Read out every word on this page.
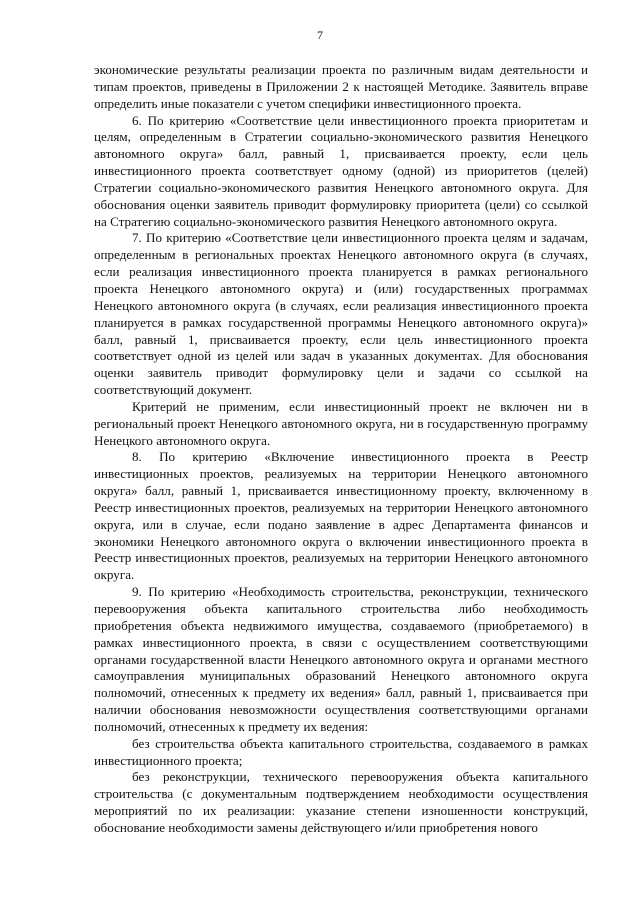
7

экономические результаты реализации проекта по различным видам деятельности и типам проектов, приведены в Приложении 2 к настоящей Методике. Заявитель вправе определить иные показатели с учетом специфики инвестиционного проекта.

6. По критерию «Соответствие цели инвестиционного проекта приоритетам и целям, определенным в Стратегии социально-экономического развития Ненецкого автономного округа» балл, равный 1, присваивается проекту, если цель инвестиционного проекта соответствует одному (одной) из приоритетов (целей) Стратегии социально-экономического развития Ненецкого автономного округа. Для обоснования оценки заявитель приводит формулировку приоритета (цели) со ссылкой на Стратегию социально-экономического развития Ненецкого автономного округа.

7. По критерию «Соответствие цели инвестиционного проекта целям и задачам, определенным в региональных проектах Ненецкого автономного округа (в случаях, если реализация инвестиционного проекта планируется в рамках регионального проекта Ненецкого автономного округа) и (или) государственных программах Ненецкого автономного округа (в случаях, если реализация инвестиционного проекта планируется в рамках государственной программы Ненецкого автономного округа)» балл, равный 1, присваивается проекту, если цель инвестиционного проекта соответствует одной из целей или задач в указанных документах. Для обоснования оценки заявитель приводит формулировку цели и задачи со ссылкой на соответствующий документ.

Критерий не применим, если инвестиционный проект не включен ни в региональный проект Ненецкого автономного округа, ни в государственную программу Ненецкого автономного округа.

8. По критерию «Включение инвестиционного проекта в Реестр инвестиционных проектов, реализуемых на территории Ненецкого автономного округа» балл, равный 1, присваивается инвестиционному проекту, включенному в Реестр инвестиционных проектов, реализуемых на территории Ненецкого автономного округа, или в случае, если подано заявление в адрес Департамента финансов и экономики Ненецкого автономного округа о включении инвестиционного проекта в Реестр инвестиционных проектов, реализуемых на территории Ненецкого автономного округа.

9. По критерию «Необходимость строительства, реконструкции, технического перевооружения объекта капитального строительства либо необходимость приобретения объекта недвижимого имущества, создаваемого (приобретаемого) в рамках инвестиционного проекта, в связи с осуществлением соответствующими органами государственной власти Ненецкого автономного округа и органами местного самоуправления муниципальных образований Ненецкого автономного округа полномочий, отнесенных к предмету их ведения» балл, равный 1, присваивается при наличии обоснования невозможности осуществления соответствующими органами полномочий, отнесенных к предмету их ведения:

без строительства объекта капитального строительства, создаваемого в рамках инвестиционного проекта;

без реконструкции, технического перевооружения объекта капитального строительства (с документальным подтверждением необходимости осуществления мероприятий по их реализации: указание степени изношенности конструкций, обоснование необходимости замены действующего и/или приобретения нового
